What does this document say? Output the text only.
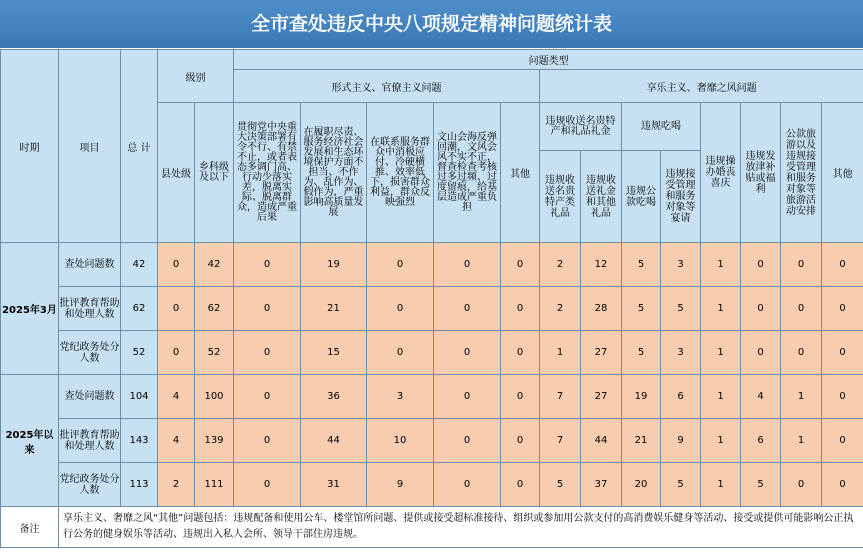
全市查处违反中央八项规定精神问题统计表
时期	项目	总 计	级别		问题类型												
					形式主义、官僚主义问题					享乐主义、奢靡之风问题							
			县处级	乡科级及以下	贯彻党中央重大决策部署有令不行、有禁不止，或者表态多调门高、行动少落实差，脱离实际、脱离群众，造成严重后果	在履职尽责、服务经济社会发展和生态环境保护方面不担当、不作为、乱作为、假作为，严重影响高质量发展	在联系服务群众中消极应付、冷硬横推、效率低下，损害群众利益，群众反映强烈	文山会海反弹回潮，文风会风不实不正，督查检查考核过多过频、过度留痕，给基层造成严重负担	其他	违规收送名贵特产和礼品礼金		违规吃喝		违规操办婚丧喜庆	违规发放津补贴或福利	公款旅游以及违规接受管理和服务对象等旅游活动安排	其他
										违规收送名贵特产类礼品	违规收送礼金和其他礼品	违规公款吃喝	违规接受管理和服务对象等宴请				
2025年3月	查处问题数	42	0	42	0	19	0	0	0	2	12	5	3	1	0	0	0
	批评教育帮助和处理人数	62	0	62	0	21	0	0	0	2	28	5	5	1	0	0	0
	党纪政务处分人数	52	0	52	0	15	0	0	0	1	27	5	3	1	0	0	0
2025年以来	查处问题数	104	4	100	0	36	3	0	0	7	27	19	6	1	4	1	0
	批评教育帮助和处理人数	143	4	139	0	44	10	0	0	7	44	21	9	1	6	1	0
	党纪政务处分人数	113	2	111	0	31	9	0	0	5	37	20	5	1	5	0	0
备注	享乐主义、奢靡之风“其他”问题包括：违规配备和使用公车、楼堂馆所问题、提供或接受超标准接待、组织或参加用公款支付的高消费娱乐健身等活动、接受或提供可能影响公正执行公务的健身娱乐等活动、违规出入私人会所、领导干部住房违规。																
